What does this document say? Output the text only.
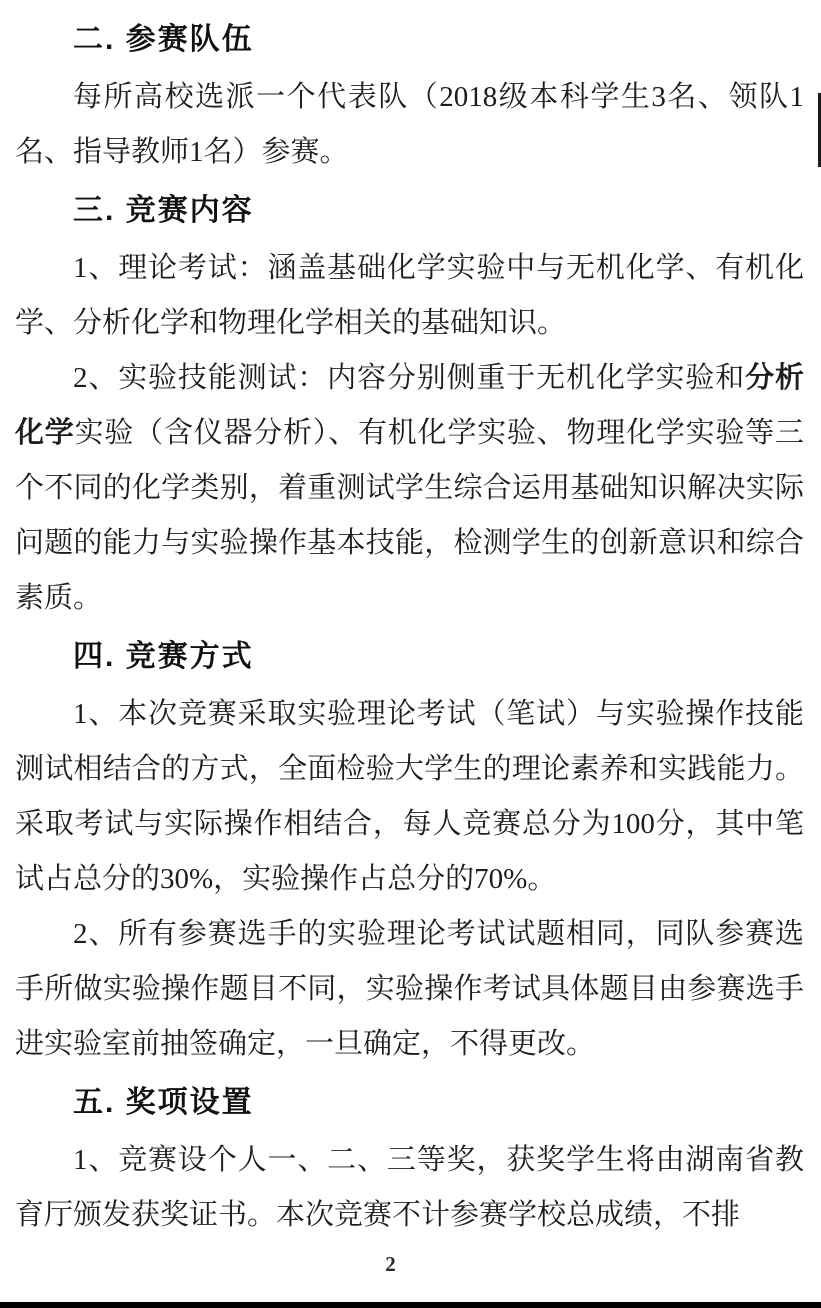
二. 参赛队伍

每所高校选派一个代表队（2018级本科学生3名、领队1名、指导教师1名）参赛。

三. 竞赛内容

1、理论考试：涵盖基础化学实验中与无机化学、有机化学、分析化学和物理化学相关的基础知识。

2、实验技能测试：内容分别侧重于无机化学实验和分析化学实验（含仪器分析）、有机化学实验、物理化学实验等三个不同的化学类别，着重测试学生综合运用基础知识解决实际问题的能力与实验操作基本技能，检测学生的创新意识和综合素质。

四. 竞赛方式

1、本次竞赛采取实验理论考试（笔试）与实验操作技能测试相结合的方式，全面检验大学生的理论素养和实践能力。采取考试与实际操作相结合，每人竞赛总分为100分，其中笔试占总分的30%，实验操作占总分的70%。

2、所有参赛选手的实验理论考试试题相同，同队参赛选手所做实验操作题目不同，实验操作考试具体题目由参赛选手进实验室前抽签确定，一旦确定，不得更改。

五. 奖项设置

1、竞赛设个人一、二、三等奖，获奖学生将由湖南省教育厅颁发获奖证书。本次竞赛不计参赛学校总成绩，不排

2
